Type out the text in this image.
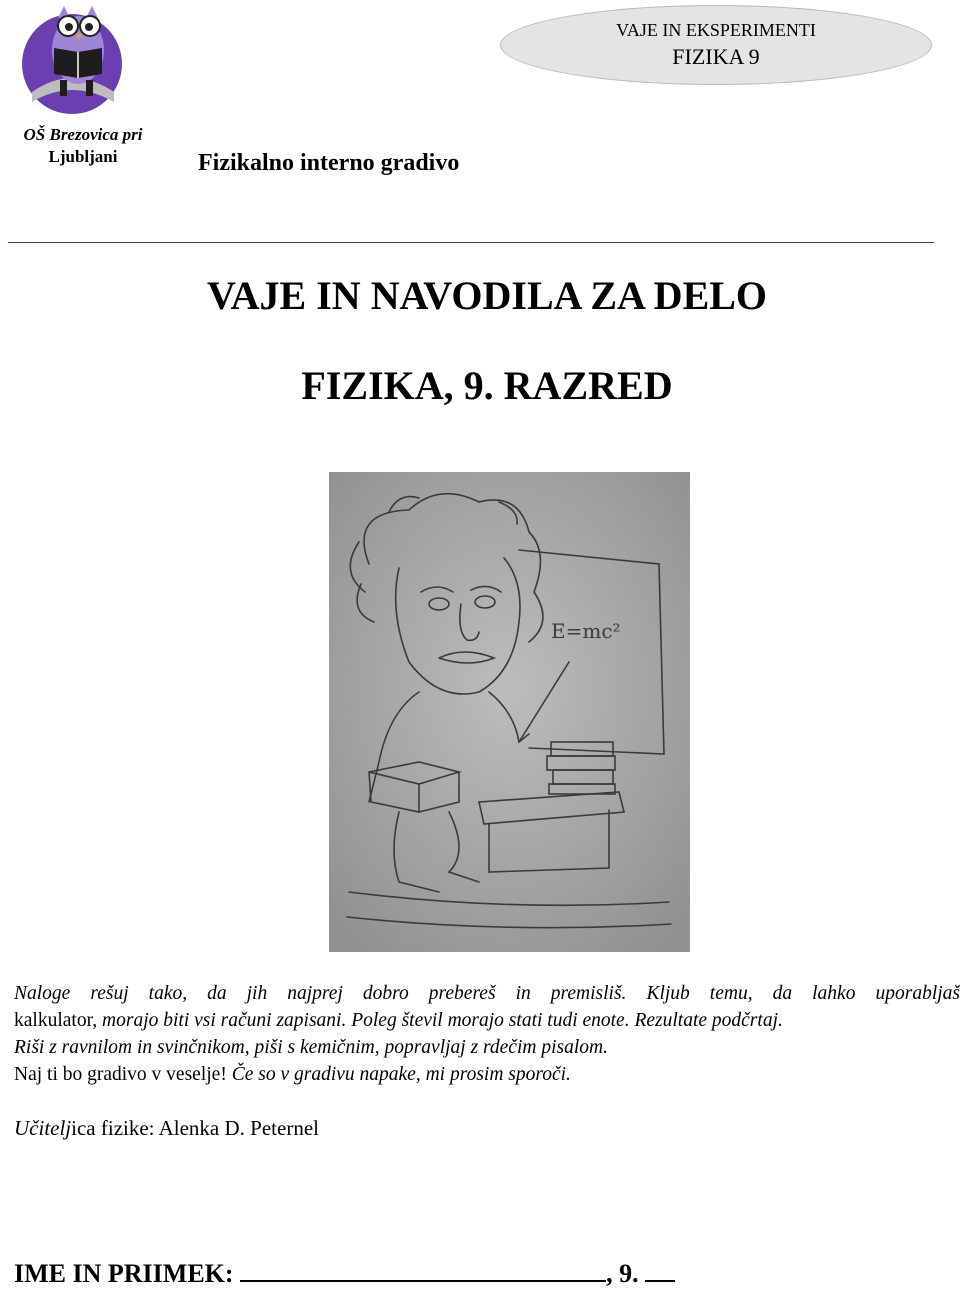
OŠ Brezovica pri
Ljubljani	Fizikalno interno gradivo
VAJE IN EKSPERIMENTI
FIZIKA 9
VAJE IN NAVODILA ZA DELO
FIZIKA, 9. RAZRED
E=mc²

Naloge rešuj tako, da jih najprej dobro prebereš in premisliš. Kljub temu, da lahko uporabljaš

kalkulator, morajo biti vsi računi zapisani. Poleg števil morajo stati tudi enote. Rezultate podčrtaj.

Riši z ravnilom in svinčnikom, piši s kemičnim, popravljaj z rdečim pisalom.

Naj ti bo gradivo v veselje! Če so v gradivu napake, mi prosim sporoči.

Učiteljica fizike: Alenka D. Peternel
IME IN PRIIMEK:	, 9.
